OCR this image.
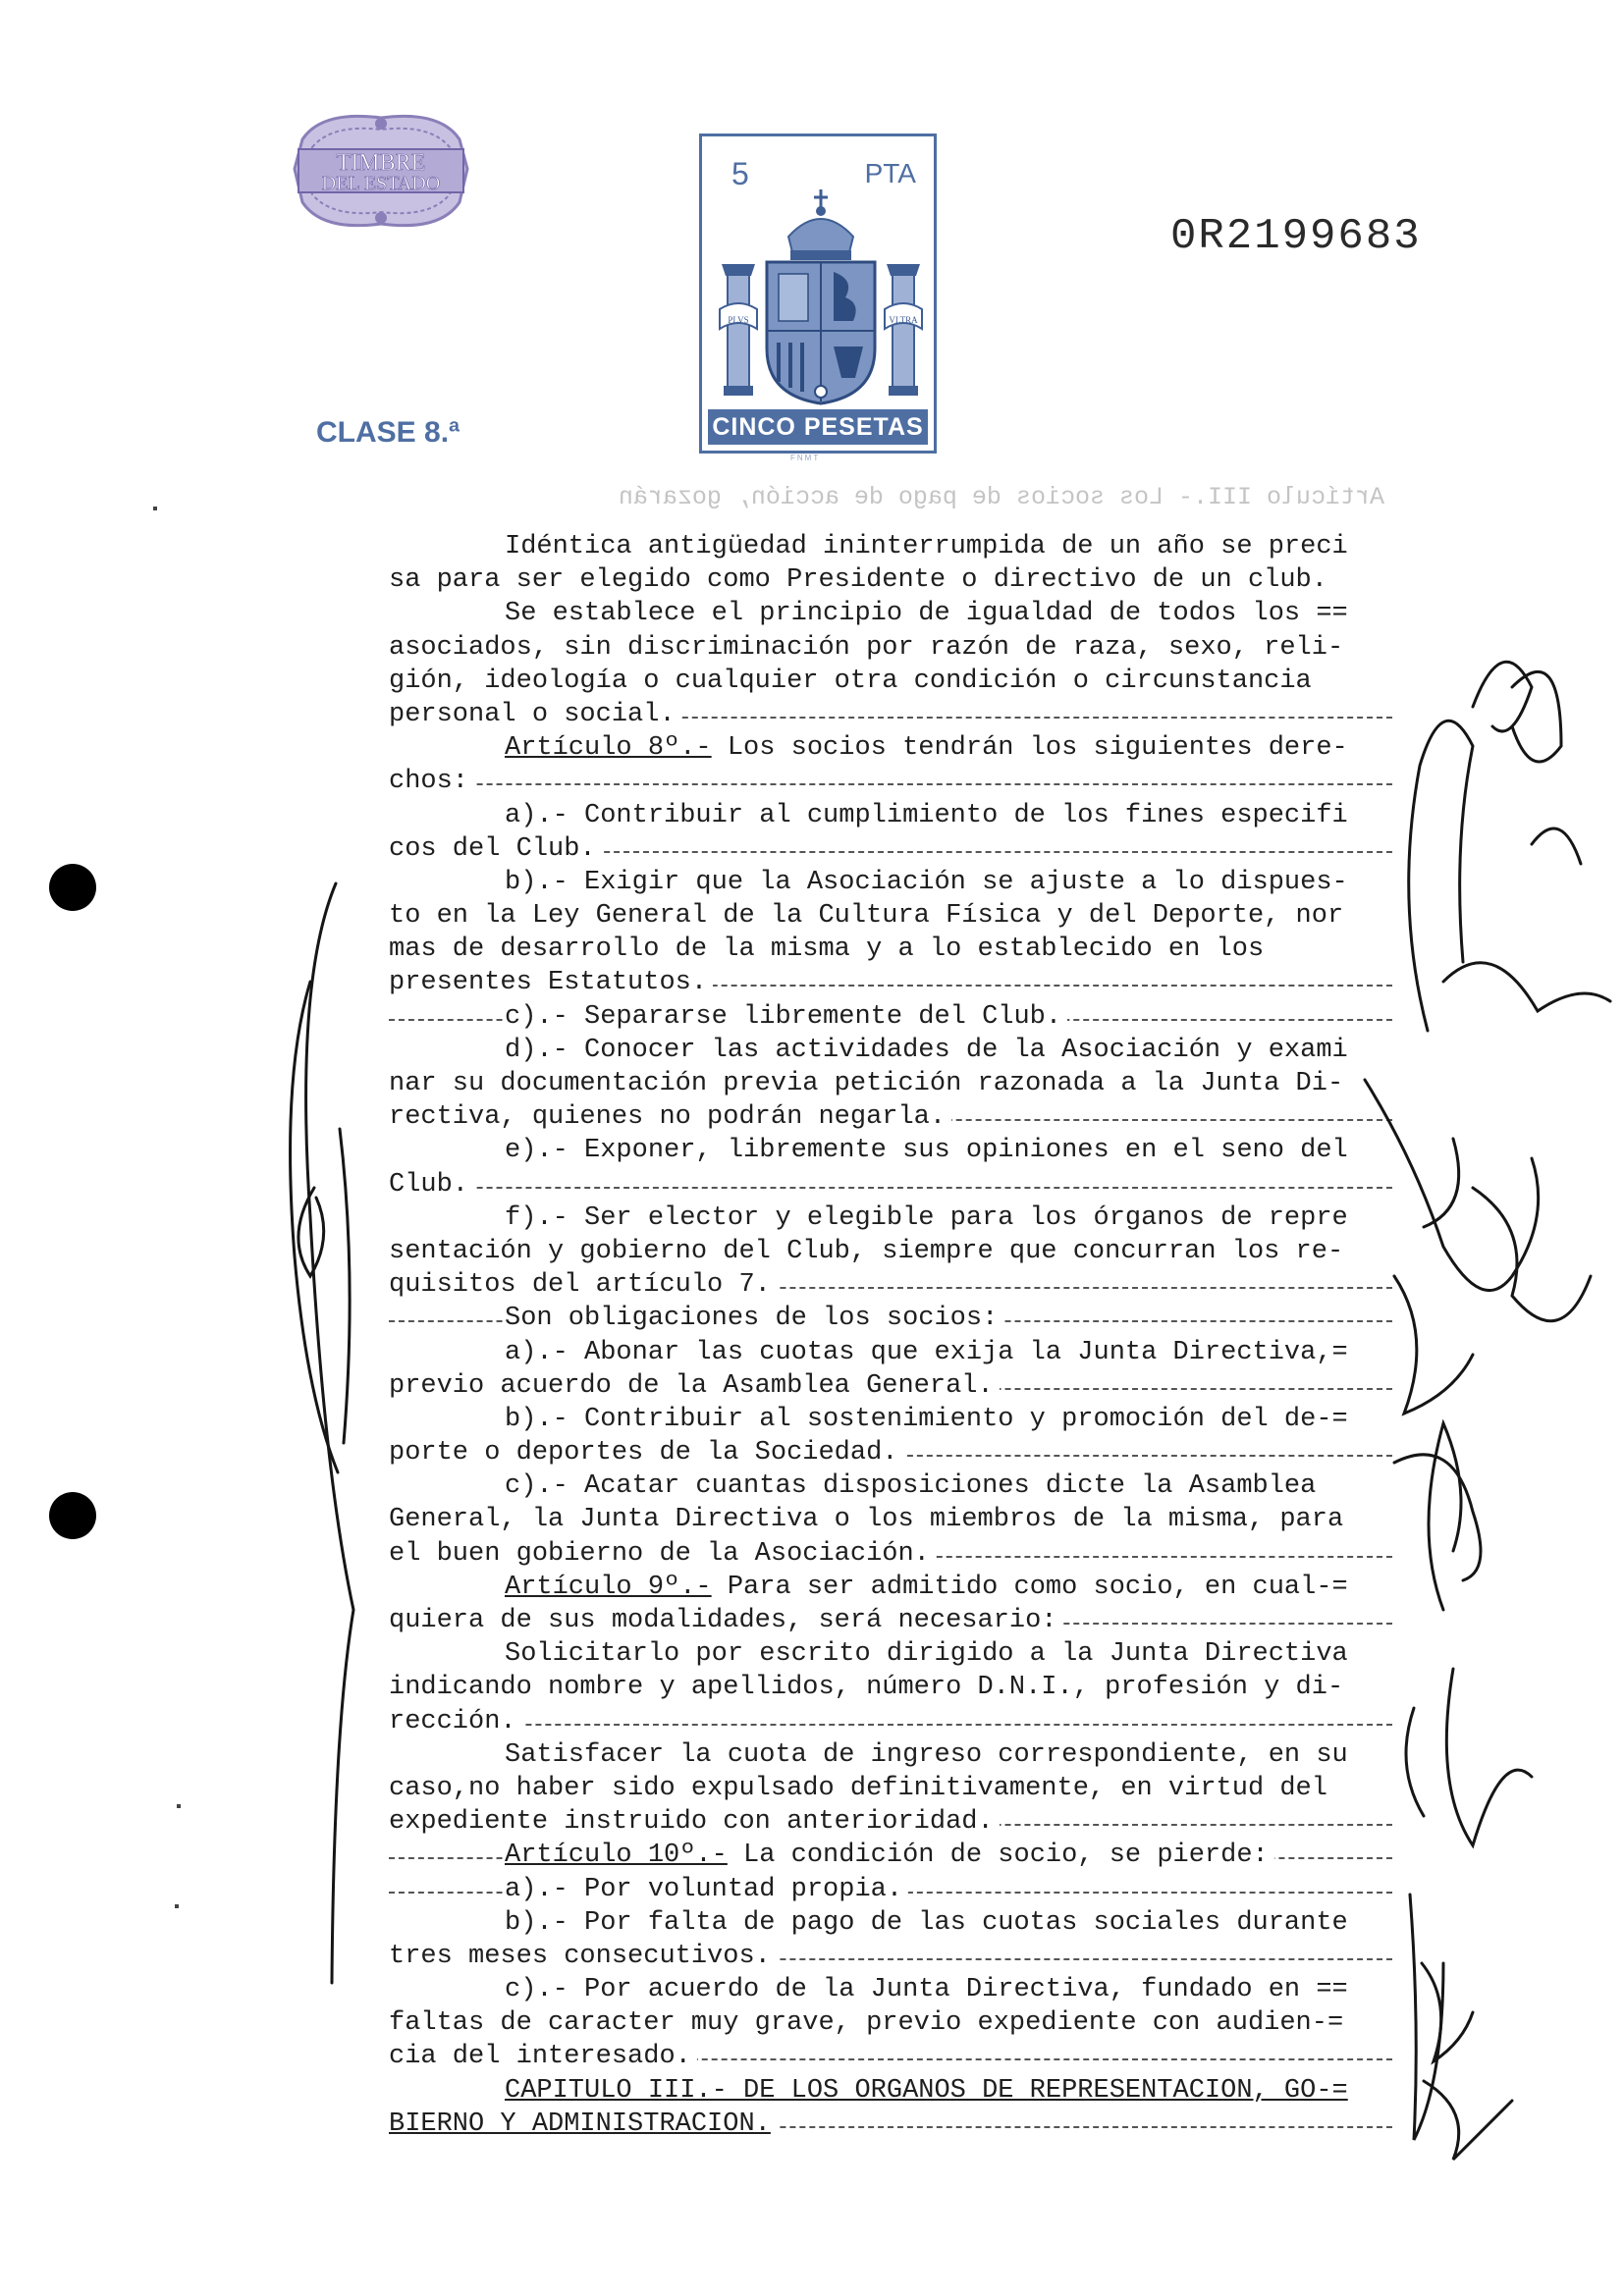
TIMBRE
DEL ESTADO	5	PTA
PLVS	VLTRA
CINCO PESETAS
FNMT
0R2199683
CLASE 8.ª
Artículo III.- Los socios de pago de acción, gozarán
Idéntica antigüedad ininterrumpida de un año se preci
sa para ser elegido como Presidente o directivo de un club.
Se establece el principio de igualdad de todos los ==
asociados, sin discriminación por razón de raza, sexo, reli-
gión, ideología o cualquier otra condición o circunstancia
personal o social.
Artículo 8º.- Los socios tendrán los siguientes dere-
chos:
a).- Contribuir al cumplimiento de los fines especifi
cos del Club.
b).- Exigir que la Asociación se ajuste a lo dispues-
to en la Ley General de la Cultura Física y del Deporte, nor
mas de desarrollo de la misma y a lo establecido en los
presentes Estatutos.
c).- Separarse libremente del Club.
d).- Conocer las actividades de la Asociación y exami
nar su documentación previa petición razonada a la Junta Di-
rectiva, quienes no podrán negarla.
e).- Exponer, libremente sus opiniones en el seno del
Club.
f).- Ser elector y elegible para los órganos de repre
sentación y gobierno del Club, siempre que concurran los re-
quisitos del artículo 7.
Son obligaciones de los socios:
a).- Abonar las cuotas que exija la Junta Directiva,=
previo acuerdo de la Asamblea General.
b).- Contribuir al sostenimiento y promoción del de-=
porte o deportes de la Sociedad.
c).- Acatar cuantas disposiciones dicte la Asamblea
General, la Junta Directiva o los miembros de la misma, para
el buen gobierno de la Asociación.
Artículo 9º.- Para ser admitido como socio, en cual-=
quiera de sus modalidades, será necesario:
Solicitarlo por escrito dirigido a la Junta Directiva
indicando nombre y apellidos, número D.N.I., profesión y di-
rección.
Satisfacer la cuota de ingreso correspondiente, en su
caso,no haber sido expulsado definitivamente, en virtud del
expediente instruido con anterioridad.
Artículo 10º.- La condición de socio, se pierde:
a).- Por voluntad propia.
b).- Por falta de pago de las cuotas sociales durante
tres meses consecutivos.
c).- Por acuerdo de la Junta Directiva, fundado en ==
faltas de caracter muy grave, previo expediente con audien-=
cia del interesado.
CAPITULO III.- DE LOS ORGANOS DE REPRESENTACION, GO-=
BIERNO Y ADMINISTRACION.
